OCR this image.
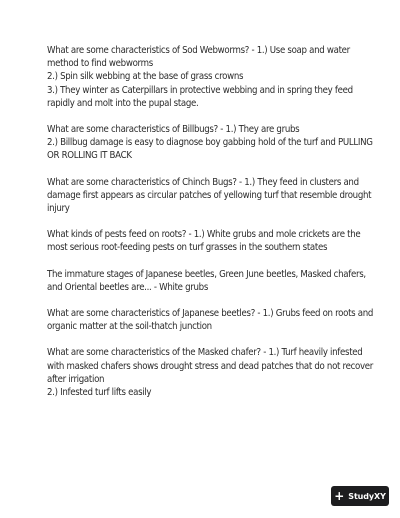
What are some characteristics of Sod Webworms? - 1.) Use soap and water
method to find webworms
2.) Spin silk webbing at the base of grass crowns
3.) They winter as Caterpillars in protective webbing and in spring they feed
rapidly and molt into the pupal stage.
What are some characteristics of Billbugs? - 1.) They are grubs
2.) Billbug damage is easy to diagnose boy gabbing hold of the turf and PULLING
OR ROLLING IT BACK
What are some characteristics of Chinch Bugs? - 1.) They feed in clusters and
damage first appears as circular patches of yellowing turf that resemble drought
injury
What kinds of pests feed on roots? - 1.) White grubs and mole crickets are the
most serious root-feeding pests on turf grasses in the southern states
The immature stages of Japanese beetles, Green June beetles, Masked chafers,
and Oriental beetles are... - White grubs
What are some characteristics of Japanese beetles? - 1.) Grubs feed on roots and
organic matter at the soil-thatch junction
What are some characteristics of the Masked chafer? - 1.) Turf heavily infested
with masked chafers shows drought stress and dead patches that do not recover
after irrigation
2.) Infested turf lifts easily
+ StudyXY
